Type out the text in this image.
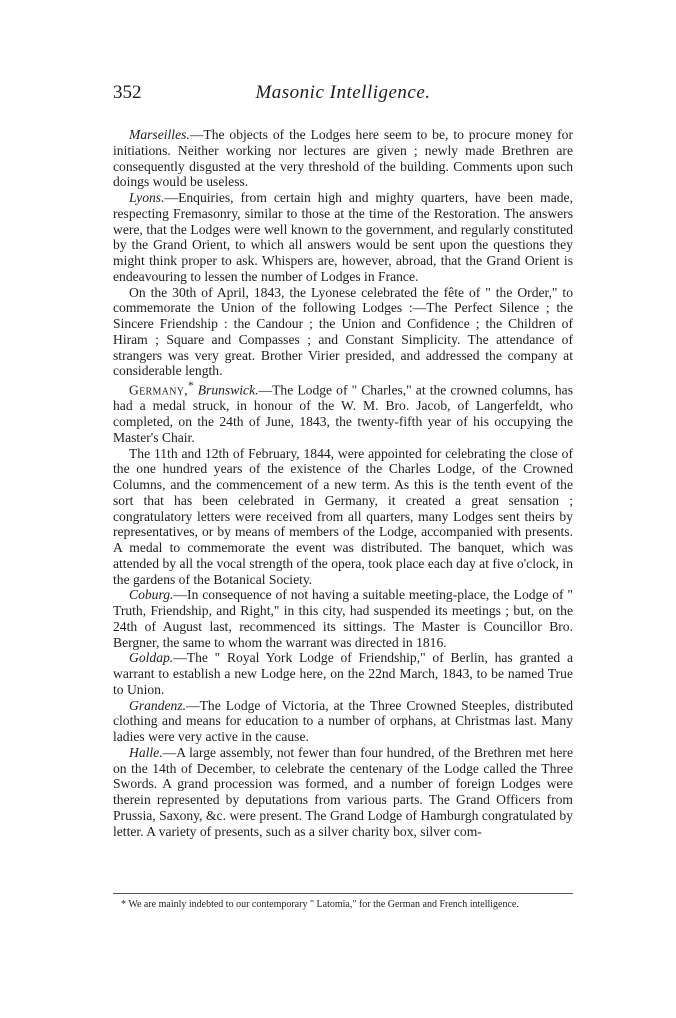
352	Masonic Intelligence.

Marseilles.—The objects of the Lodges here seem to be, to procure money for initiations. Neither working nor lectures are given ; newly made Brethren are consequently disgusted at the very threshold of the building. Comments upon such doings would be useless.

Lyons.—Enquiries, from certain high and mighty quarters, have been made, respecting Fremasonry, similar to those at the time of the Restoration. The answers were, that the Lodges were well known to the government, and regularly constituted by the Grand Orient, to which all answers would be sent upon the questions they might think proper to ask. Whispers are, however, abroad, that the Grand Orient is endeavouring to lessen the number of Lodges in France.

On the 30th of April, 1843, the Lyonese celebrated the fête of " the Order," to commemorate the Union of the following Lodges :—The Perfect Silence ; the Sincere Friendship : the Candour ; the Union and Confidence ; the Children of Hiram ; Square and Compasses ; and Constant Simplicity. The attendance of strangers was very great. Brother Virier presided, and addressed the company at considerable length.

Germany,* Brunswick.—The Lodge of " Charles," at the crowned columns, has had a medal struck, in honour of the W. M. Bro. Jacob, of Langerfeldt, who completed, on the 24th of June, 1843, the twenty-fifth year of his occupying the Master's Chair.

The 11th and 12th of February, 1844, were appointed for celebrating the close of the one hundred years of the existence of the Charles Lodge, of the Crowned Columns, and the commencement of a new term. As this is the tenth event of the sort that has been celebrated in Germany, it created a great sensation ; congratulatory letters were received from all quarters, many Lodges sent theirs by representatives, or by means of members of the Lodge, accompanied with presents. A medal to commemorate the event was distributed. The banquet, which was attended by all the vocal strength of the opera, took place each day at five o'clock, in the gardens of the Botanical Society.

Coburg.—In consequence of not having a suitable meeting-place, the Lodge of " Truth, Friendship, and Right," in this city, had suspended its meetings ; but, on the 24th of August last, recommenced its sittings. The Master is Councillor Bro. Bergner, the same to whom the warrant was directed in 1816.

Goldap.—The " Royal York Lodge of Friendship," of Berlin, has granted a warrant to establish a new Lodge here, on the 22nd March, 1843, to be named True to Union.

Grandenz.—The Lodge of Victoria, at the Three Crowned Steeples, distributed clothing and means for education to a number of orphans, at Christmas last. Many ladies were very active in the cause.

Halle.—A large assembly, not fewer than four hundred, of the Brethren met here on the 14th of December, to celebrate the centenary of the Lodge called the Three Swords. A grand procession was formed, and a number of foreign Lodges were therein represented by deputations from various parts. The Grand Officers from Prussia, Saxony, &c. were present. The Grand Lodge of Hamburgh congratulated by letter. A variety of presents, such as a silver charity box, silver com-

* We are mainly indebted to our contemporary " Latomia," for the German and French intelligence.
